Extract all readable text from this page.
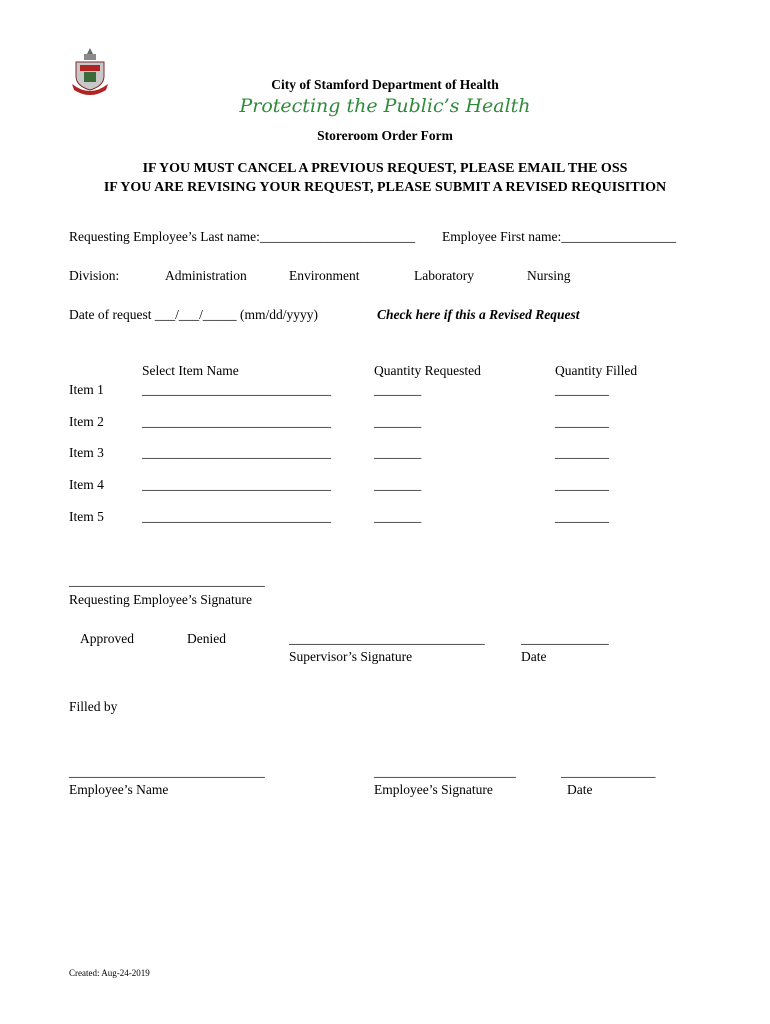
City of Stamford Department of Health
Protecting the Public’s Health
Storeroom Order Form
IF YOU MUST CANCEL A PREVIOUS REQUEST, PLEASE EMAIL THE OSS
IF YOU ARE REVISING YOUR REQUEST, PLEASE SUBMIT A REVISED REQUISITION
Requesting Employee’s Last name:_______________________ Employee First name:_________________
Division:	Administration	Environment	Laboratory	Nursing
Date of request ___/___/_____ (mm/dd/yyyy)	Check here if this a Revised Request
Select Item Name	Quantity Requested	Quantity Filled
Item 1	____________________________	_______	________
Item 2	____________________________	_______	________
Item 3	____________________________	_______	________
Item 4	____________________________	_______	________
Item 5	____________________________	_______	________
_____________________________
Requesting Employee’s Signature
Approved	Denied	_____________________________
Supervisor’s Signature
_____________
Date
Filled by
_____________________________
Employee’s Name
_____________________
Employee’s Signature
______________
Date
Created: Aug-24-2019
